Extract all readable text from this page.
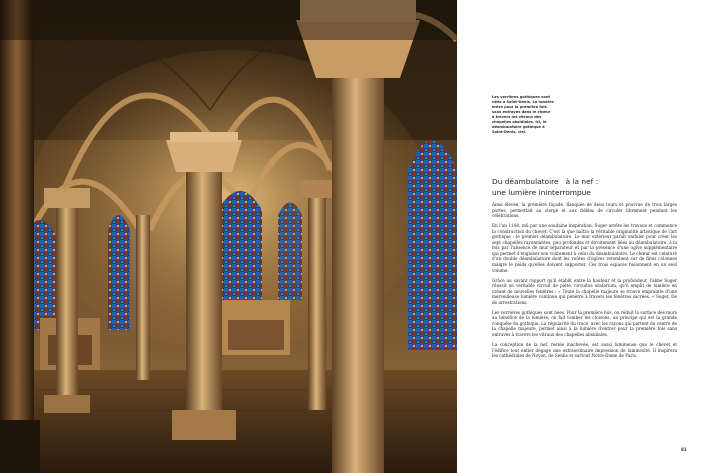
Les verrières gothiques sont nées à Saint-Denis. La lumière entre pour la première fois sans entraves dans le chœur à travers les vitraux des chapelles absidiales. Ici, le déambulatoire gothique à Saint-Denis, ciel.
Du déambulatoire   à la nef :
une lumière ininterrompue

Ainsi élevée, la première façade, flanquée de deux tours et pourvue de trois larges portes, permettait au clergé et aux fidèles de circuler librement pendant les célébrations.

En l'an 1140, mû par une soudaine inspiration, Suger arrête les travaux et commence la construction du chevet. C'est là que naîtra la véritable originalité artistique de l'art gothique : le premier déambulatoire. Le mur extérieur paraît onduler pour créer les sept chapelles rayonnantes, peu profondes et étroitement liées au déambulatoire, à la fois par l'absence de mur séparateur et par la présence d'une ogive supplémentaire qui permet d'englober son voûtement à celui du déambulatoire. Le chœur est ceinturé d'un double déambulatoire dont les voûtes d'ogives retombent sur de fines colonnes malgré le poids qu'elles doivent supporter. Ces trois espaces fusionnent en un seul volume.

Grâce au savant rapport qu'il établit entre la hauteur et la profondeur, l'abbé Suger réussit un véritable circuit de piété, circuitus oratorium, qu'il emplit de lumière en créant de nouvelles fenêtres : « Toute la chapelle majeure se trouve emprainte d'une merveilleuse lumière continue qui pénètre à travers les fenêtres sacrées. » Suger, De de arrestrations.

Les verrières gothiques sont nées. Pour la première fois, on réduit la surface des murs au bénéfice de la lumière, on fait tomber les cloisons, un principe qui est la grande conquête du gothique. La régularité du tracé, avec les rayons qui partent du centre de la chapelle majeure, permet ainsi à la lumière d'entrer pour la première fois sans entraves à travers les vitraux des chapelles absidiales.

La conception de la nef, restée inachevée, est aussi lumineuse que le chevet et l'édifice tout entier dégage une extraordinaire impression de luminosité. Il inspirera les cathédrales de Noyon, de Senlis et surtout Notre-Dame de Paris.

81
